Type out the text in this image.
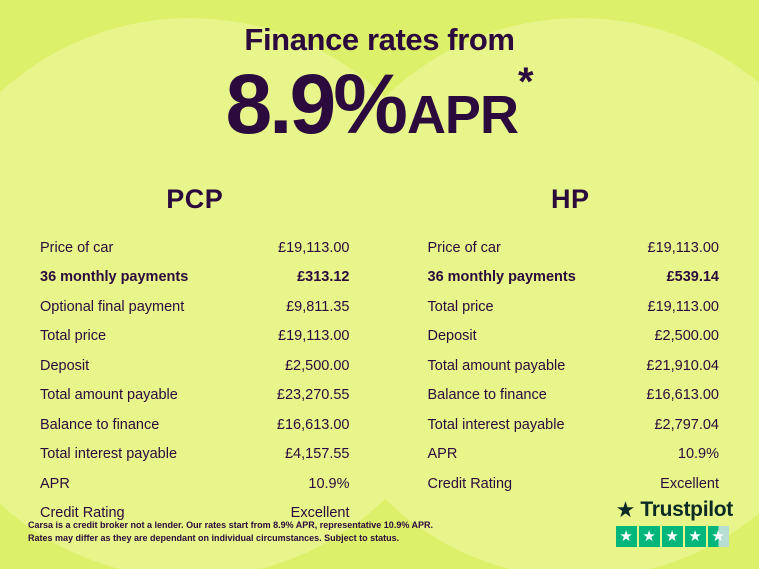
Finance rates from
8.9%APR*
PCP
Price of car	£19,113.00
36 monthly payments	£313.12
Optional final payment	£9,811.35
Total price	£19,113.00
Deposit	£2,500.00
Total amount payable	£23,270.55
Balance to finance	£16,613.00
Total interest payable	£4,157.55
APR	10.9%
Credit Rating	Excellent
HP
Price of car	£19,113.00
36 monthly payments	£539.14
Total price	£19,113.00
Deposit	£2,500.00
Total amount payable	£21,910.04
Balance to finance	£16,613.00
Total interest payable	£2,797.04
APR	10.9%
Credit Rating	Excellent
Carsa is a credit broker not a lender. Our rates start from 8.9% APR, representative 10.9% APR. Rates may differ as they are dependant on individual circumstances. Subject to status.
★ Trustpilot
★ ★ ★ ★ ★
